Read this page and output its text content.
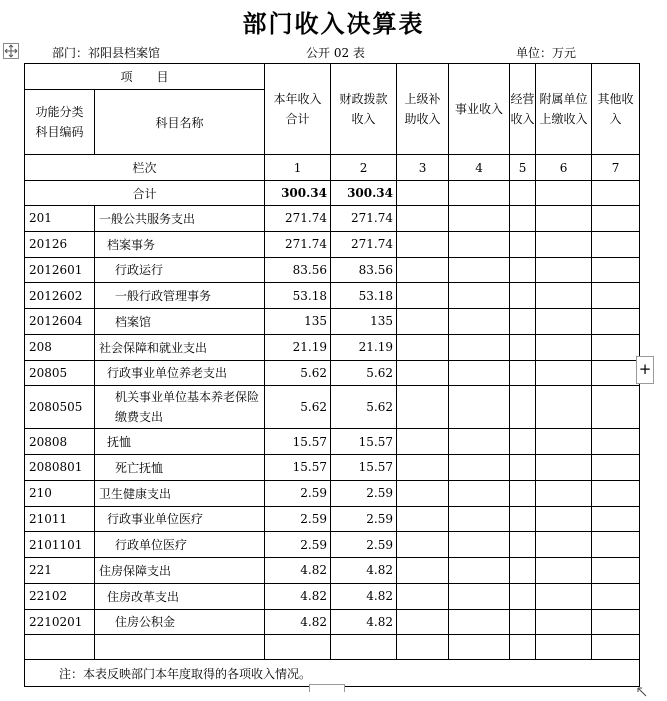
部门收入决算表
部门：祁阳县档案馆	公开 02 表	单位：万元
项　　目		本年收入合计	财政拨款收入	上级补助收入	事业收入	经营收入	附属单位上缴收入	其他收入
功能分类科目编码	科目名称							
栏次		1	2	3	4	5	6	7
合计		300.34	300.34					
201	一般公共服务支出	271.74	271.74					
20126	档案事务	271.74	271.74					
2012601	行政运行	83.56	83.56					
2012602	一般行政管理事务	53.18	53.18					
2012604	档案馆	135	135					
208	社会保障和就业支出	21.19	21.19					
20805	行政事业单位养老支出	5.62	5.62					
2080505	机关事业单位基本养老保险缴费支出	5.62	5.62					
20808	抚恤	15.57	15.57					
2080801	死亡抚恤	15.57	15.57					
210	卫生健康支出	2.59	2.59					
21011	行政事业单位医疗	2.59	2.59					
2101101	行政单位医疗	2.59	2.59					
221	住房保障支出	4.82	4.82					
22102	住房改革支出	4.82	4.82					
2210201	住房公积金	4.82	4.82					

注：本表反映部门本年度取得的各项收入情况。								
+
